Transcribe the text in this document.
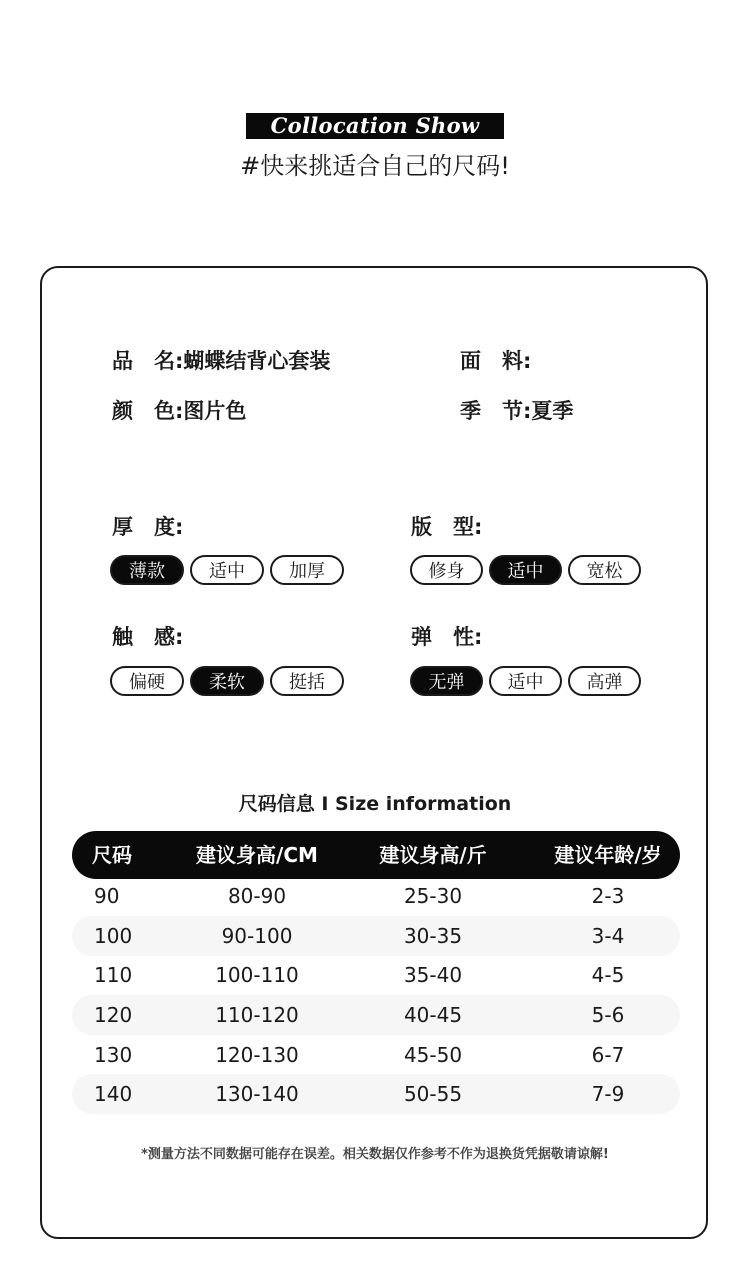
Collocation Show
#快来挑适合自己的尺码!
品　名:蝴蝶结背心套装	面　料:
颜　色:图片色	季　节:夏季
厚　度:
薄款	适中	加厚
版　型:
修身	适中	宽松
触　感:
偏硬	柔软	挺括
弹　性:
无弹	适中	高弹
尺码信息 I Size information
尺码	建议身高/CM	建议身高/斤	建议年龄/岁
90	80-90	25-30	2-3
100	90-100	30-35	3-4
110	100-110	35-40	4-5
120	110-120	40-45	5-6
130	120-130	45-50	6-7
140	130-140	50-55	7-9
*测量方法不同数据可能存在误差。相关数据仅作参考不作为退换货凭据敬请谅解!
